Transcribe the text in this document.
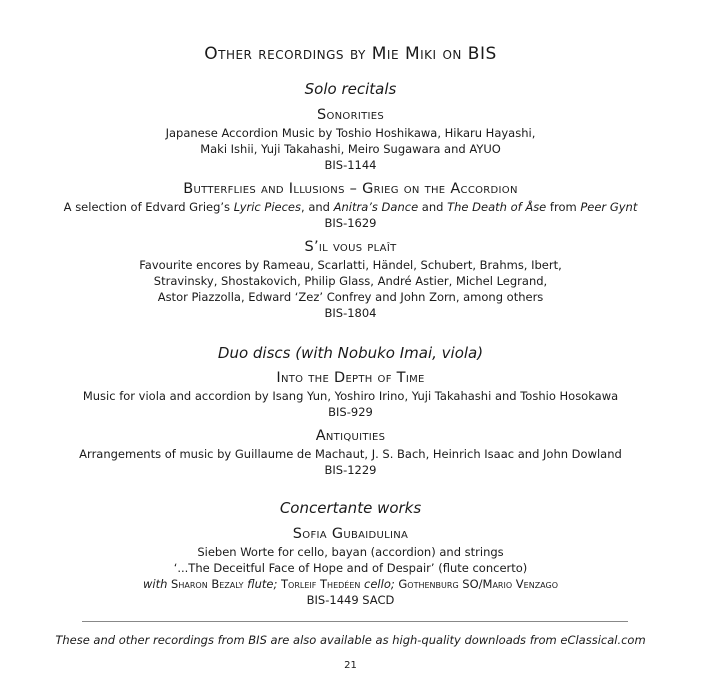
Other recordings by Mie Miki on BIS
Solo recitals
Sonorities
Japanese Accordion Music by Toshio Hoshikawa, Hikaru Hayashi,
Maki Ishii, Yuji Takahashi, Meiro Sugawara and AYUO
BIS-1144
Butterflies and Illusions – Grieg on the Accordion
A selection of Edvard Grieg’s Lyric Pieces, and Anitra’s Dance and The Death of Åse from Peer Gynt
BIS-1629
S’il vous plaît
Favourite encores by Rameau, Scarlatti, Händel, Schubert, Brahms, Ibert,
Stravinsky, Shostakovich, Philip Glass, André Astier, Michel Legrand,
Astor Piazzolla, Edward ‘Zez’ Confrey and John Zorn, among others
BIS-1804
Duo discs (with Nobuko Imai, viola)
Into the Depth of Time
Music for viola and accordion by Isang Yun, Yoshiro Irino, Yuji Takahashi and Toshio Hosokawa
BIS-929
Antiquities
Arrangements of music by Guillaume de Machaut, J. S. Bach, Heinrich Isaac and John Dowland
BIS-1229
Concertante works
Sofia Gubaidulina
Sieben Worte for cello, bayan (accordion) and strings
‘...The Deceitful Face of Hope and of Despair’ (flute concerto)
with Sharon Bezaly flute; Torleif Thedéen cello; Gothenburg SO/Mario Venzago
BIS-1449 SACD
These and other recordings from BIS are also available as high-quality downloads from eClassical.com
21
